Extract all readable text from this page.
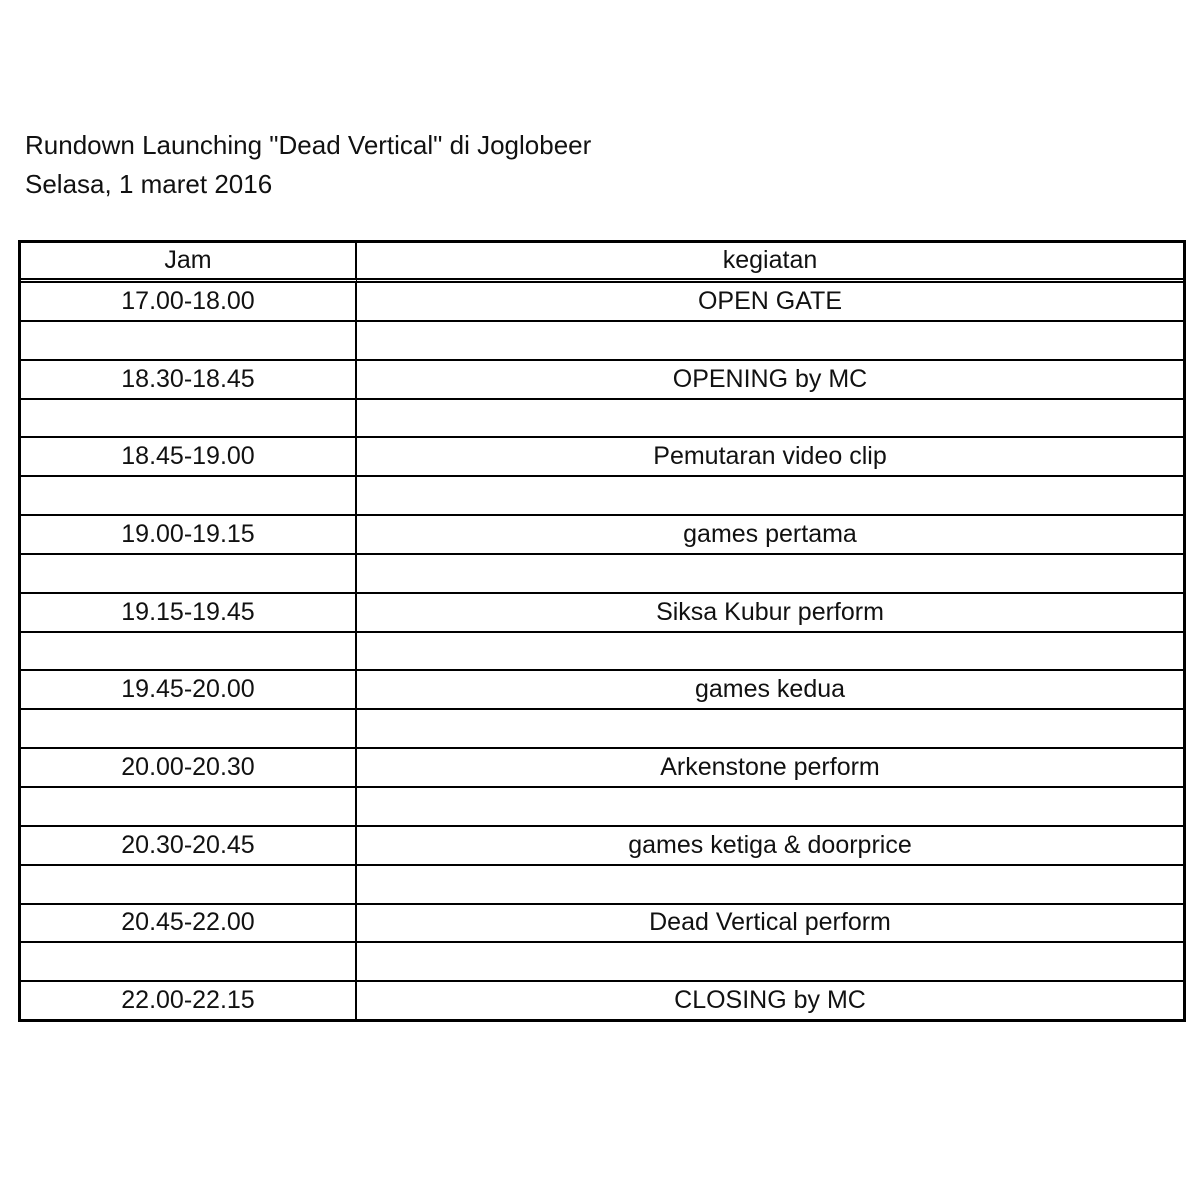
Rundown Launching "Dead Vertical" di Joglobeer
Selasa, 1 maret 2016
Jam	kegiatan
17.00-18.00	OPEN GATE

18.30-18.45	OPENING by MC

18.45-19.00	Pemutaran video clip

19.00-19.15	games pertama

19.15-19.45	Siksa Kubur perform

19.45-20.00	games kedua

20.00-20.30	Arkenstone perform

20.30-20.45	games ketiga & doorprice

20.45-22.00	Dead Vertical perform

22.00-22.15	CLOSING by MC
